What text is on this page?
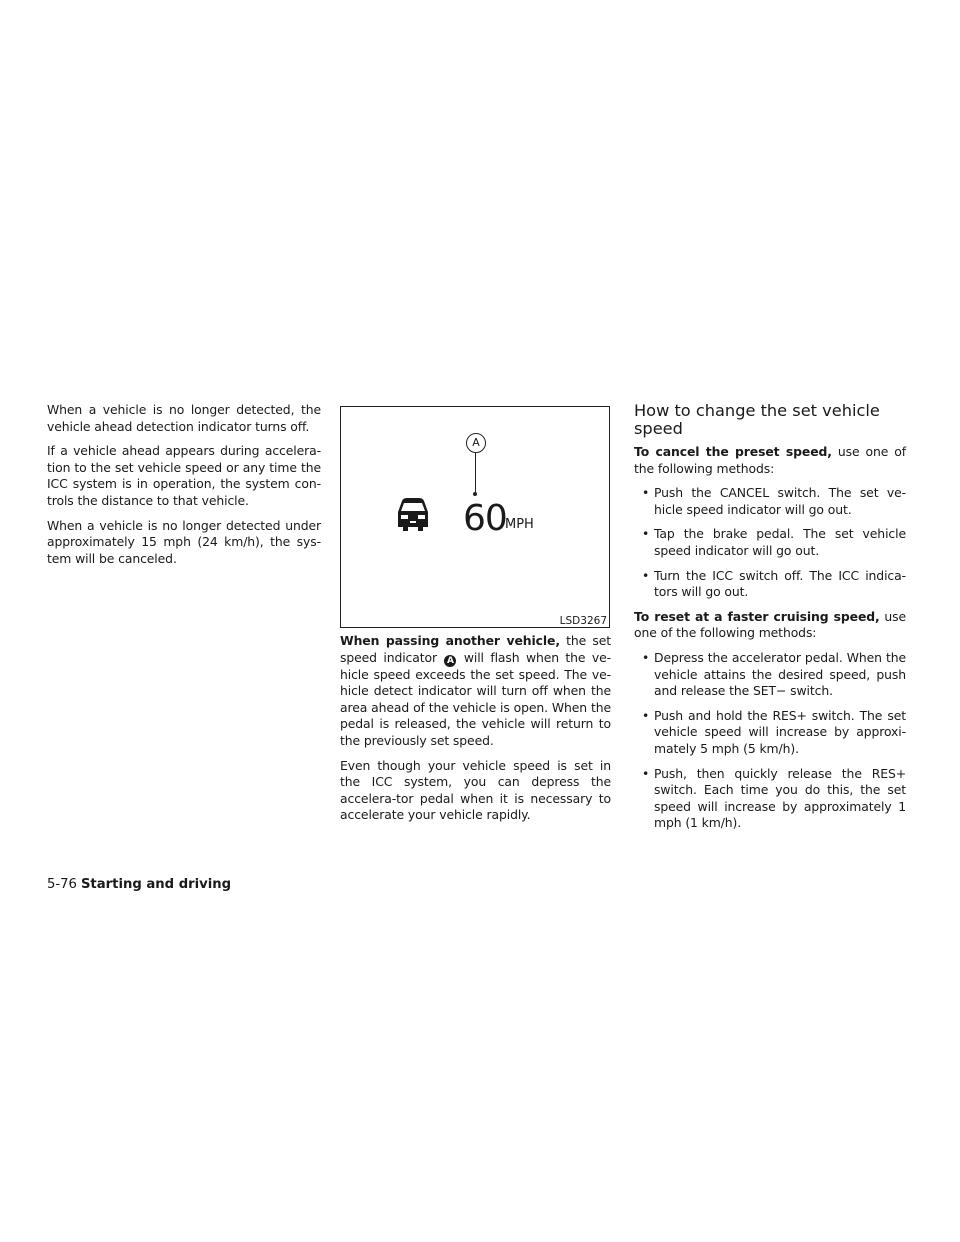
When a vehicle is no longer detected, the vehicle ahead detection indicator turns off.

If a vehicle ahead appears during accelera-tion to the set vehicle speed or any time the ICC system is in operation, the system con-trols the distance to that vehicle.

When a vehicle is no longer detected under approximately 15 mph (24 km/h), the sys-tem will be canceled.

A
60
MPH
LSD3267

When passing another vehicle, the set speed indicator A will flash when the ve-hicle speed exceeds the set speed. The ve-hicle detect indicator will turn off when the area ahead of the vehicle is open. When the pedal is released, the vehicle will return to the previously set speed.

Even though your vehicle speed is set in the ICC system, you can depress the accelera-tor pedal when it is necessary to accelerate your vehicle rapidly.

How to change the set vehicle speed

To cancel the preset speed, use one of the following methods:

• Push the CANCEL switch. The set ve-hicle speed indicator will go out.
• Tap the brake pedal. The set vehicle speed indicator will go out.
• Turn the ICC switch off. The ICC indica-tors will go out.

To reset at a faster cruising speed, use one of the following methods:

• Depress the accelerator pedal. When the vehicle attains the desired speed, push and release the SET− switch.
• Push and hold the RES+ switch. The set vehicle speed will increase by approxi-mately 5 mph (5 km/h).
• Push, then quickly release the RES+ switch. Each time you do this, the set speed will increase by approximately 1 mph (1 km/h).
5-76 Starting and driving
